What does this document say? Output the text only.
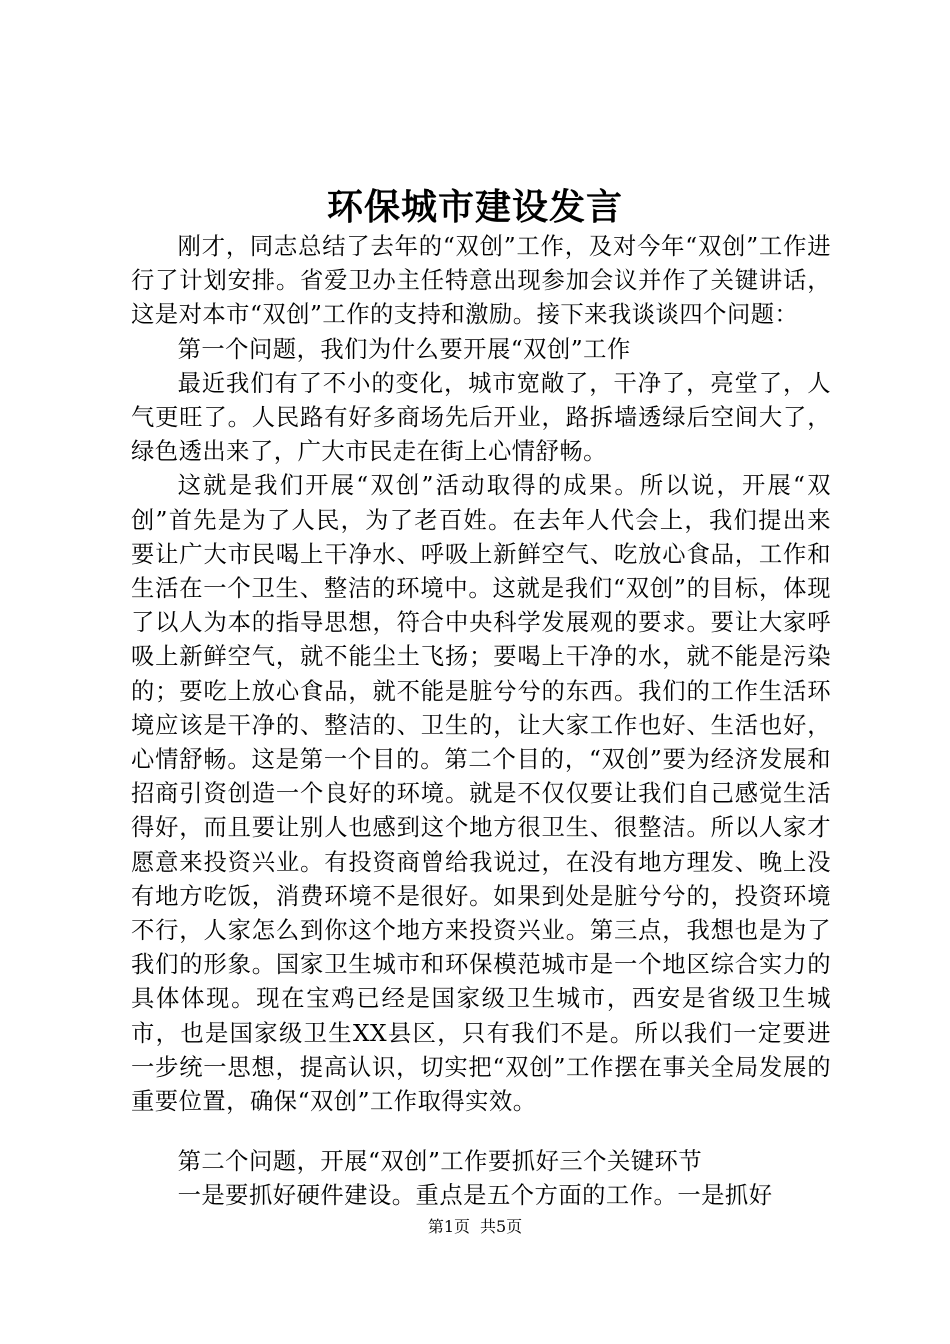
环保城市建设发言

刚才，同志总结了去年的“双创”工作，及对今年“双创”工作进行了计划安排。省爱卫办主任特意出现参加会议并作了关键讲话，这是对本市“双创”工作的支持和激励。接下来我谈谈四个问题：

第一个问题，我们为什么要开展“双创”工作

最近我们有了不小的变化，城市宽敞了，干净了，亮堂了，人气更旺了。人民路有好多商场先后开业，路拆墙透绿后空间大了，绿色透出来了，广大市民走在街上心情舒畅。

这就是我们开展“双创”活动取得的成果。所以说，开展“双创”首先是为了人民，为了老百姓。在去年人代会上，我们提出来要让广大市民喝上干净水、呼吸上新鲜空气、吃放心食品，工作和生活在一个卫生、整洁的环境中。这就是我们“双创”的目标，体现了以人为本的指导思想，符合中央科学发展观的要求。要让大家呼吸上新鲜空气，就不能尘土飞扬；要喝上干净的水，就不能是污染的；要吃上放心食品，就不能是脏兮兮的东西。我们的工作生活环境应该是干净的、整洁的、卫生的，让大家工作也好、生活也好，心情舒畅。这是第一个目的。第二个目的，“双创”要为经济发展和招商引资创造一个良好的环境。就是不仅仅要让我们自己感觉生活得好，而且要让别人也感到这个地方很卫生、很整洁。所以人家才愿意来投资兴业。有投资商曾给我说过，在没有地方理发、晚上没有地方吃饭，消费环境不是很好。如果到处是脏兮兮的，投资环境不行，人家怎么到你这个地方来投资兴业。第三点，我想也是为了我们的形象。国家卫生城市和环保模范城市是一个地区综合实力的具体体现。现在宝鸡已经是国家级卫生城市，西安是省级卫生城市，也是国家级卫生XX县区，只有我们不是。所以我们一定要进一步统一思想，提高认识，切实把“双创”工作摆在事关全局发展的重要位置，确保“双创”工作取得实效。

第二个问题，开展“双创”工作要抓好三个关键环节

一是要抓好硬件建设。重点是五个方面的工作。一是抓好

第1页 共5页
